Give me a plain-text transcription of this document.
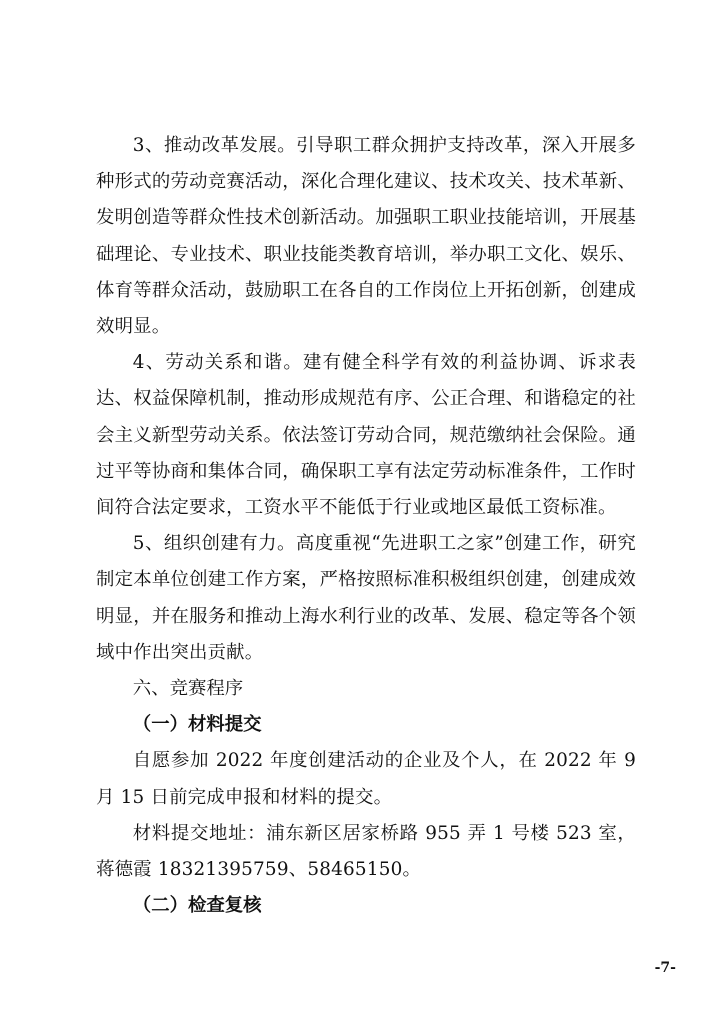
3、推动改革发展。引导职工群众拥护支持改革，深入开展多种形式的劳动竞赛活动，深化合理化建议、技术攻关、技术革新、发明创造等群众性技术创新活动。加强职工职业技能培训，开展基础理论、专业技术、职业技能类教育培训，举办职工文化、娱乐、体育等群众活动，鼓励职工在各自的工作岗位上开拓创新，创建成效明显。

4、劳动关系和谐。建有健全科学有效的利益协调、诉求表达、权益保障机制，推动形成规范有序、公正合理、和谐稳定的社会主义新型劳动关系。依法签订劳动合同，规范缴纳社会保险。通过平等协商和集体合同，确保职工享有法定劳动标准条件，工作时间符合法定要求，工资水平不能低于行业或地区最低工资标准。

5、组织创建有力。高度重视“先进职工之家”创建工作，研究制定本单位创建工作方案，严格按照标准积极组织创建，创建成效明显，并在服务和推动上海水利行业的改革、发展、稳定等各个领域中作出突出贡献。

六、竞赛程序

（一）材料提交

自愿参加 2022 年度创建活动的企业及个人，在 2022 年 9 月 15 日前完成申报和材料的提交。

材料提交地址：浦东新区居家桥路 955 弄 1 号楼 523 室，蒋德霞 18321395759、58465150。

（二）检查复核

-7-
